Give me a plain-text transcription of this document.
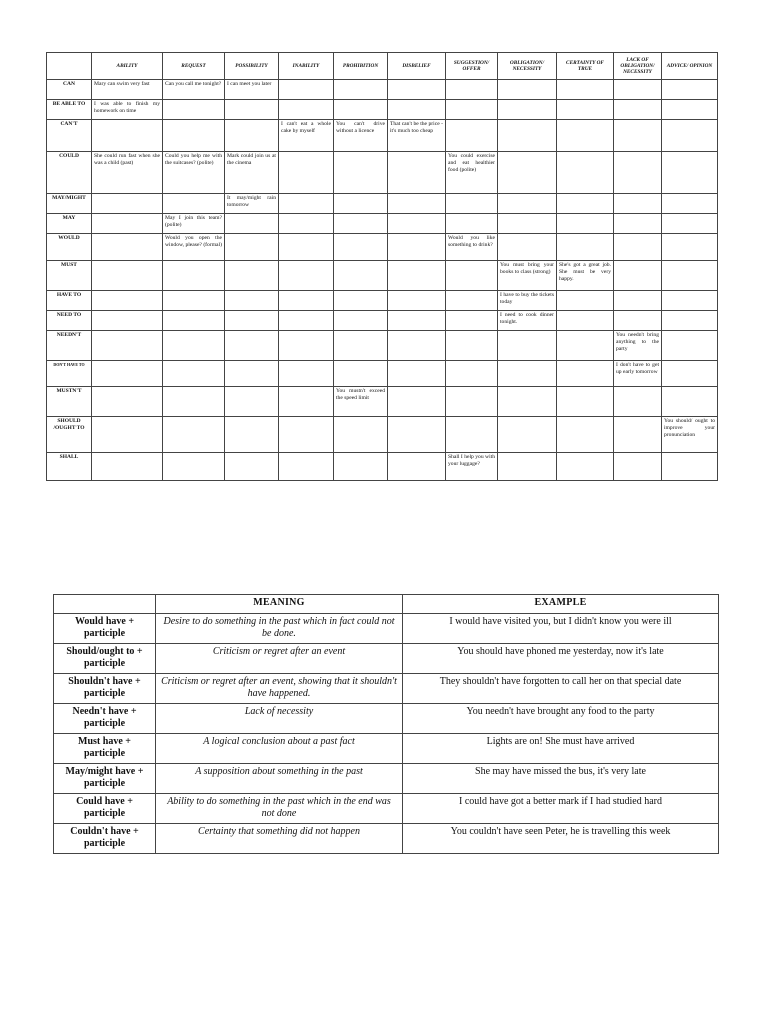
	ABILITY	REQUEST	POSSIBILITY	INABILITY	PROHIBITION	DISBELIEF	SUGGESTION/ OFFER	OBLIGATION/ NECESSITY	CERTAINTY OF TRUE	LACK OF OBLIGATION/ NECESSITY	ADVICE/ OPINION
CAN	Mary can swim very fast	Can you call me tonight?	I can meet you later								
BE ABLE TO	I was able to finish my homework on time										
CAN'T				I can't eat a whole cake by myself	You can't drive without a licence	That can't be the price - it's much too cheap					
COULD	She could run fast when she was a child (past)	Could you help me with the suitcases? (polite)	Mark could join us at the cinema				You could exercise and eat healthier food (polite)				
MAY/MIGHT			It may/might rain tomorrow								
MAY		May I join this team? (polite)									
WOULD		Would you open the window, please? (formal)					Would you like something to drink?				
MUST								You must bring your books to class (strong)	She's got a great job. She must be very happy.		
HAVE TO								I have to buy the tickets today			
NEED TO								I need to cook dinner tonight.			
NEEDN'T										You needn't bring anything to the party	
DON'T HAVE TO										I don't have to get up early tomorrow	
MUSTN'T					You mustn't exceed the speed limit						
SHOULD /OUGHT TO											You should/ ought to improve your pronunciation
SHALL							Shall I help you with your luggage?				
	MEANING	EXAMPLE
Would have + participle	Desire to do something in the past which in fact could not be done.	I would have visited you, but I didn't know you were ill
Should/ought to + participle	Criticism or regret after an event	You should have phoned me yesterday, now it's late
Shouldn't have + participle	Criticism or regret after an event, showing that it shouldn't have happened.	They shouldn't have forgotten to call her on that special date
Needn't have + participle	Lack of necessity	You needn't have brought any food to the party
Must have + participle	A logical conclusion about a past fact	Lights are on! She must have arrived
May/might have + participle	A supposition about something in the past	She may have missed the bus, it's very late
Could have + participle	Ability to do something in the past which in the end was not done	I could have got a better mark if I had studied hard
Couldn't have + participle	Certainty that something did not happen	You couldn't have seen Peter, he is travelling this week
